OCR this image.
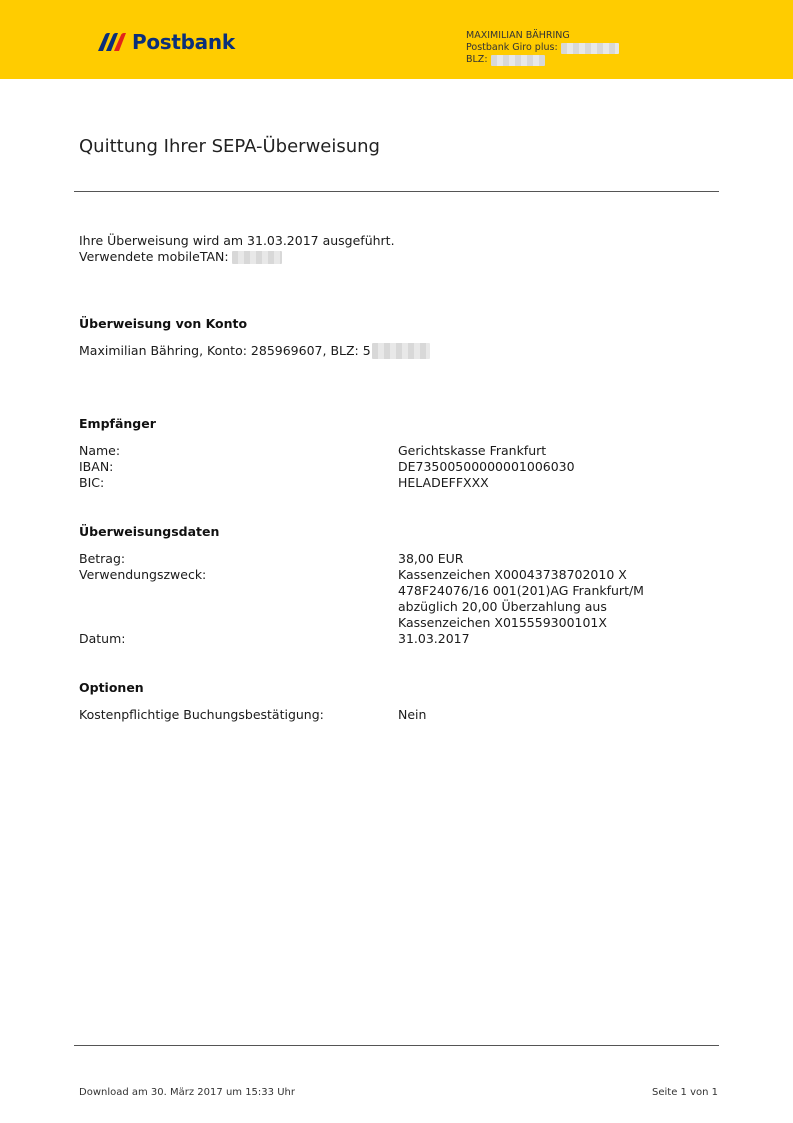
Postbank	MAXIMILIAN BÄHRING
Postbank Giro plus:
BLZ:
Quittung Ihrer SEPA-Überweisung
Ihre Überweisung wird am 31.03.2017 ausgeführt.
Verwendete mobileTAN:
Überweisung von Konto
Maximilian Bähring, Konto: 285969607, BLZ: 5
Empfänger
Name:	Gerichtskasse Frankfurt
IBAN:	DE73500500000001006030
BIC:	HELADEFFXXX
Überweisungsdaten
Betrag:	38,00 EUR
Verwendungszweck:	Kassenzeichen X00043738702010 X
478F24076/16 001(201)AG Frankfurt/M
abzüglich 20,00 Überzahlung aus
Kassenzeichen X015559300101X
Datum:	31.03.2017
Optionen
Kostenpflichtige Buchungsbestätigung:	Nein
Download am 30. März 2017 um 15:33 Uhr	Seite 1 von 1
